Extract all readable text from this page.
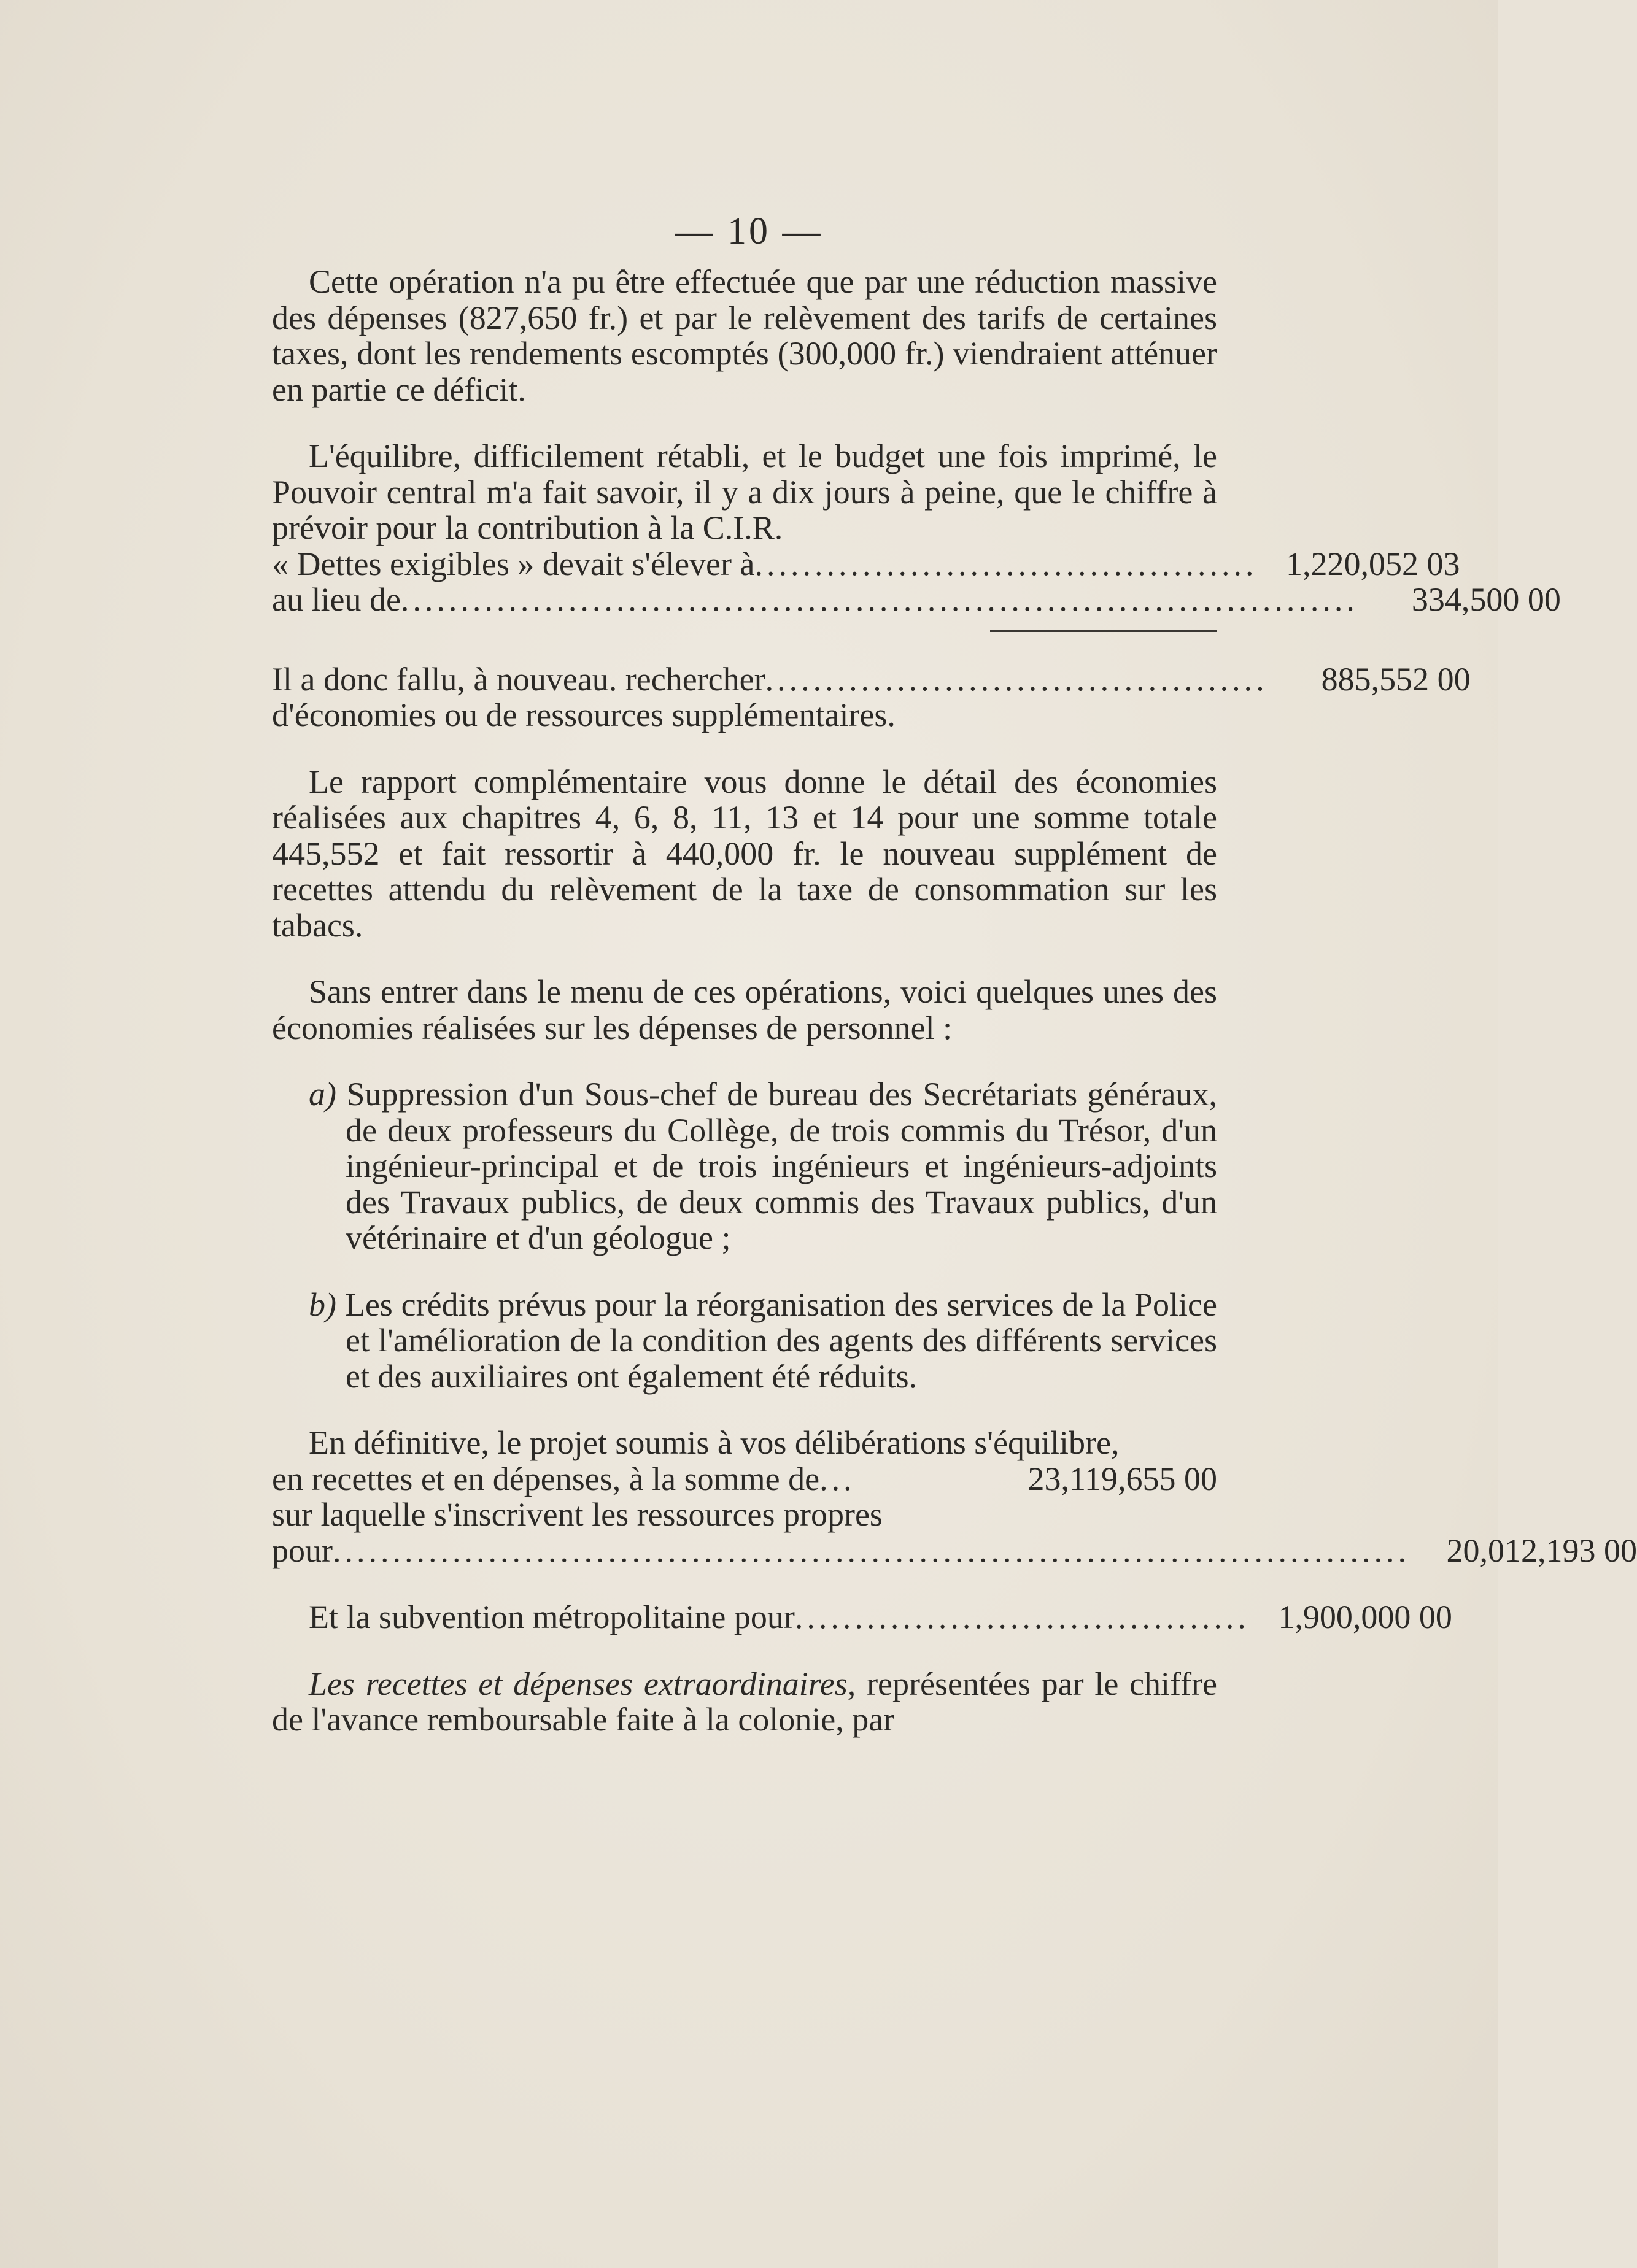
— 10 —

Cette opération n'a pu être effectuée que par une réduction massive des dépenses (827,650 fr.) et par le relèvement des tarifs de certaines taxes, dont les rendements escomptés (300,000 fr.) viendraient atténuer en partie ce déficit.

L'équilibre, difficilement rétabli, et le budget une fois imprimé, le Pouvoir central m'a fait savoir, il y a dix jours à peine, que le chiffre à prévoir pour la contribution à la C.I.R.

« Dettes exigibles » devait s'élever à .......................................... 1,220,052 03
au lieu de ................................................................................	334,500 00
Il a donc fallu, à nouveau. rechercher ..........................................	885,552 00

d'économies ou de ressources supplémentaires.

Le rapport complémentaire vous donne le détail des économies réalisées aux chapitres 4, 6, 8, 11, 13 et 14 pour une somme totale 445,552 et fait ressortir à 440,000 fr. le nouveau supplément de recettes attendu du relèvement de la taxe de consommation sur les tabacs.

Sans entrer dans le menu de ces opérations, voici quelques unes des économies réalisées sur les dépenses de personnel :

a) Suppression d'un Sous-chef de bureau des Secrétariats généraux, de deux professeurs du Collège, de trois commis du Trésor, d'un ingénieur-principal et de trois ingénieurs et ingénieurs-adjoints des Travaux publics, de deux commis des Travaux publics, d'un vétérinaire et d'un géologue ;

b) Les crédits prévus pour la réorganisation des services de la Police et l'amélioration de la condition des agents des différents services et des auxiliaires ont également été réduits.

En définitive, le projet soumis à vos délibérations s'équilibre,

en recettes et en dépenses, à la somme de ...	23,119,655 00

sur laquelle s'inscrivent les ressources propres

pour ..........................................................................................	20,012,193 00
Et la subvention métropolitaine pour ...................................... 1,900,000 00

Les recettes et dépenses extraordinaires, représentées par le chiffre de l'avance remboursable faite à la colonie, par
